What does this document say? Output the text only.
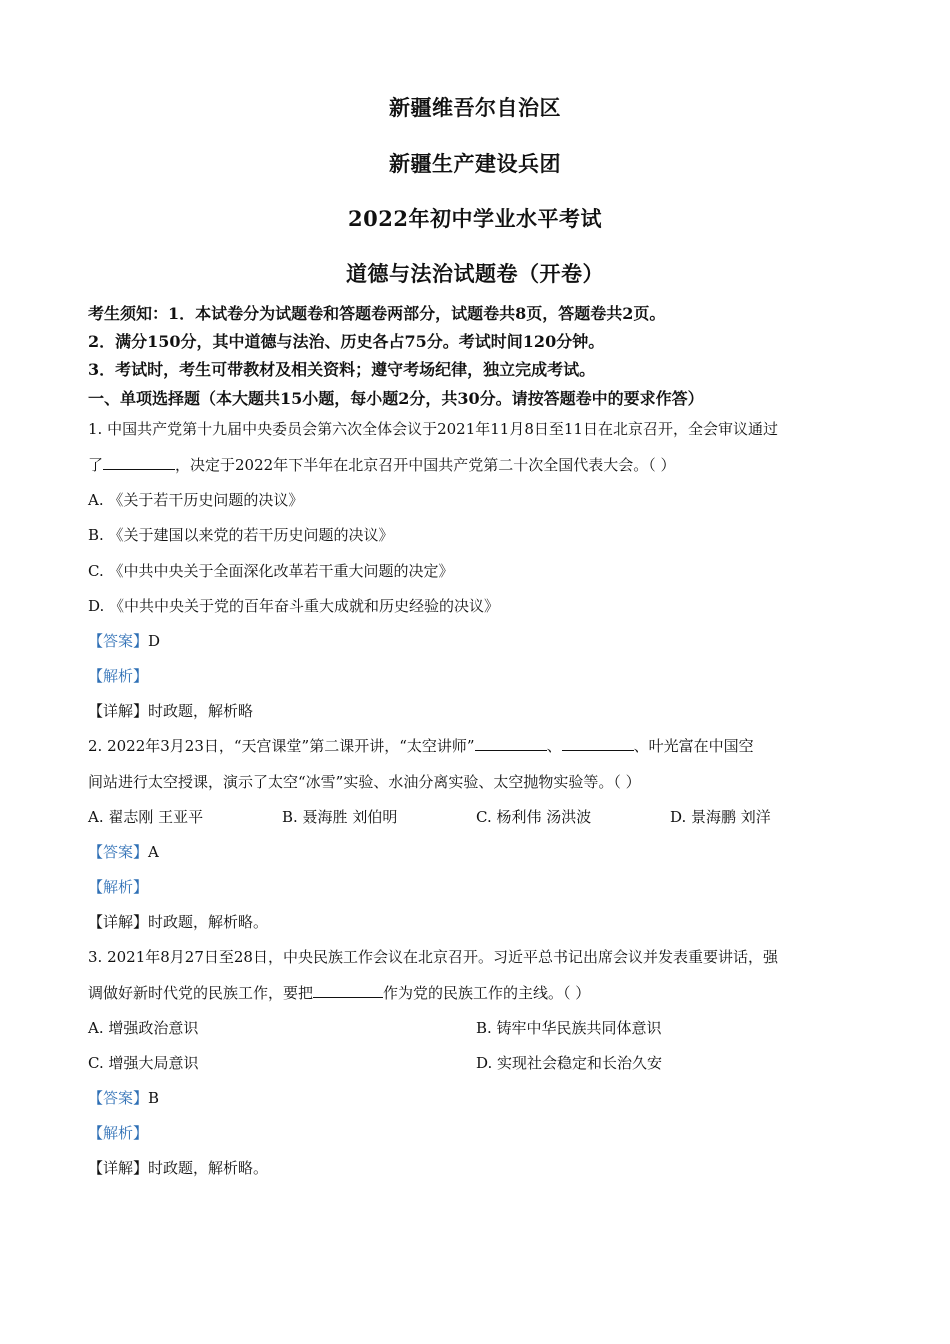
新疆维吾尔自治区
新疆生产建设兵团
2022年初中学业水平考试
道德与法治试题卷（开卷）
考生须知：1．本试卷分为试题卷和答题卷两部分，试题卷共8页，答题卷共2页。
2．满分150分，其中道德与法治、历史各占75分。考试时间120分钟。
3．考试时，考生可带教材及相关资料；遵守考场纪律，独立完成考试。
一、单项选择题（本大题共15小题，每小题2分，共30分。请按答题卷中的要求作答）
1. 中国共产党第十九届中央委员会第六次全体会议于2021年11月8日至11日在北京召开，全会审议通过
了	，决定于2022年下半年在北京召开中国共产党第二十次全国代表大会。（ ）
A. 《关于若干历史问题的决议》
B. 《关于建国以来党的若干历史问题的决议》
C. 《中共中央关于全面深化改革若干重大问题的决定》
D. 《中共中央关于党的百年奋斗重大成就和历史经验的决议》
【答案】D
【解析】
【详解】时政题，解析略
2. 2022年3月23日，“天宫课堂”第二课开讲，“太空讲师”	、	、叶光富在中国空
间站进行太空授课，演示了太空“冰雪”实验、水油分离实验、太空抛物实验等。（ ）
A. 翟志刚 王亚平	B. 聂海胜 刘伯明	C. 杨利伟 汤洪波	D. 景海鹏 刘洋
【答案】A
【解析】
【详解】时政题，解析略。
3. 2021年8月27日至28日，中央民族工作会议在北京召开。习近平总书记出席会议并发表重要讲话，强
调做好新时代党的民族工作，要把	作为党的民族工作的主线。（ ）
A. 增强政治意识	B. 铸牢中华民族共同体意识
C. 增强大局意识	D. 实现社会稳定和长治久安
【答案】B
【解析】
【详解】时政题，解析略。
